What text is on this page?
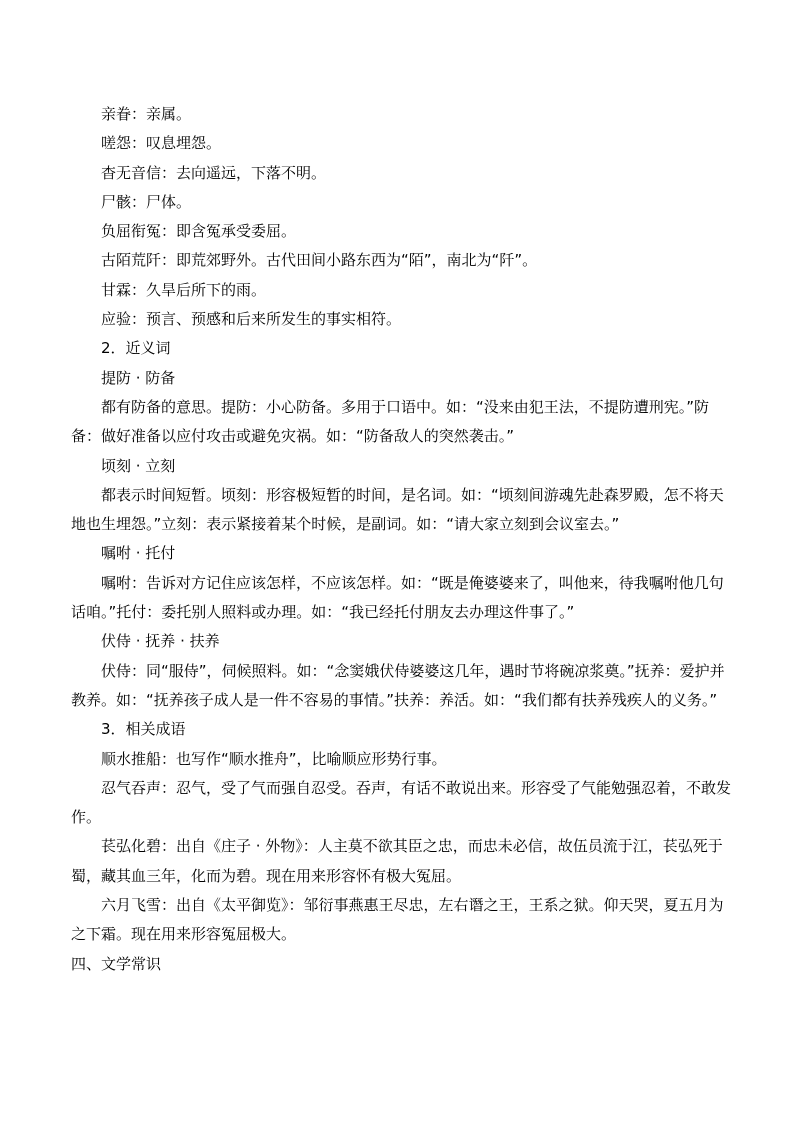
亲眷：亲属。

嗟怨：叹息埋怨。

杳无音信：去向遥远，下落不明。

尸骸：尸体。

负屈衔冤：即含冤承受委屈。

古陌荒阡：即荒郊野外。古代田间小路东西为“陌”，南北为“阡”。

甘霖：久旱后所下的雨。

应验：预言、预感和后来所发生的事实相符。

2．近义词

提防 · 防备

都有防备的意思。提防：小心防备。多用于口语中。如：“没来由犯王法，不提防遭刑宪。”防备：做好准备以应付攻击或避免灾祸。如：“防备敌人的突然袭击。”

顷刻 · 立刻

都表示时间短暂。顷刻：形容极短暂的时间，是名词。如：“顷刻间游魂先赴森罗殿，怎不将天地也生埋怨。”立刻：表示紧接着某个时候，是副词。如：“请大家立刻到会议室去。”

嘱咐 · 托付

嘱咐：告诉对方记住应该怎样，不应该怎样。如：“既是俺婆婆来了，叫他来，待我嘱咐他几句话咱。”托付：委托别人照料或办理。如：“我已经托付朋友去办理这件事了。”

伏侍 · 抚养 · 扶养

伏侍：同“服侍”，伺候照料。如：“念窦娥伏侍婆婆这几年，遇时节将碗凉浆奠。”抚养：爱护并教养。如：“抚养孩子成人是一件不容易的事情。”扶养：养活。如：“我们都有扶养残疾人的义务。”

3．相关成语

顺水推船：也写作“顺水推舟”，比喻顺应形势行事。

忍气吞声：忍气，受了气而强自忍受。吞声，有话不敢说出来。形容受了气能勉强忍着，不敢发作。

苌弘化碧：出自《庄子 · 外物》：人主莫不欲其臣之忠，而忠未必信，故伍员流于江，苌弘死于蜀，藏其血三年，化而为碧。现在用来形容怀有极大冤屈。

六月飞雪：出自《太平御览》：邹衍事燕惠王尽忠，左右谮之王，王系之狱。仰天哭，夏五月为之下霜。现在用来形容冤屈极大。

四、文学常识
